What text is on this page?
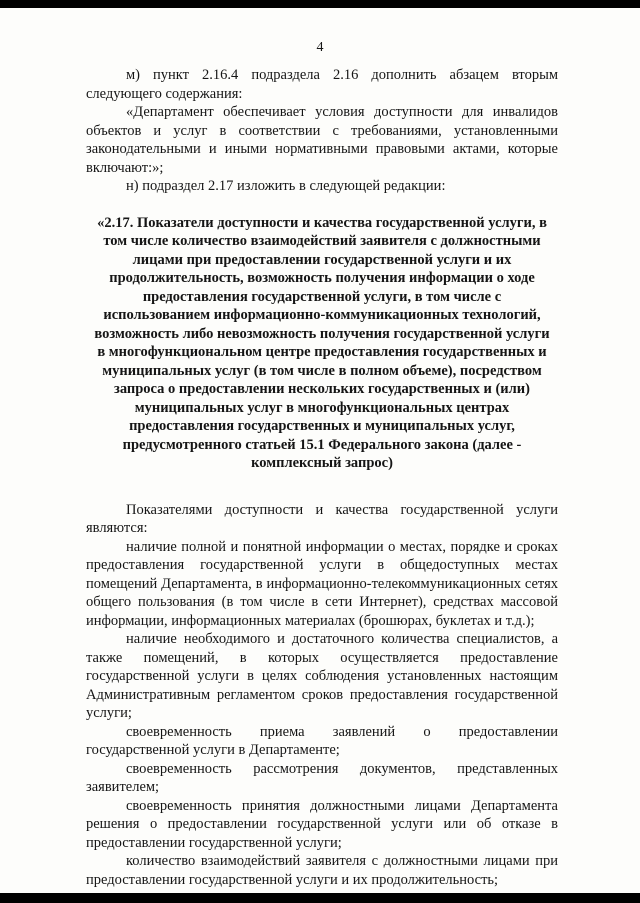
4

м) пункт 2.16.4 подраздела 2.16 дополнить абзацем вторым следующего содержания:

«Департамент обеспечивает условия доступности для инвалидов объектов и услуг в соответствии с требованиями, установленными законодательными и иными нормативными правовыми актами, которые включают:»;

н) подраздел 2.17 изложить в следующей редакции:

«2.17. Показатели доступности и качества государственной услуги, в том числе количество взаимодействий заявителя с должностными лицами при предоставлении государственной услуги и их продолжительность, возможность получения информации о ходе предоставления государственной услуги, в том числе с использованием информационно-коммуникационных технологий, возможность либо невозможность получения государственной услуги в многофункциональном центре предоставления государственных и муниципальных услуг (в том числе в полном объеме), посредством запроса о предоставлении нескольких государственных и (или) муниципальных услуг в многофункциональных центрах предоставления государственных и муниципальных услуг, предусмотренного статьей 15.1 Федерального закона (далее - комплексный запрос)

Показателями доступности и качества государственной услуги являются:

наличие полной и понятной информации о местах, порядке и сроках предоставления государственной услуги в общедоступных местах помещений Департамента, в информационно-телекоммуникационных сетях общего пользования (в том числе в сети Интернет), средствах массовой информации, информационных материалах (брошюрах, буклетах и т.д.);

наличие необходимого и достаточного количества специалистов, а также помещений, в которых осуществляется предоставление государственной услуги в целях соблюдения установленных настоящим Административным регламентом сроков предоставления государственной услуги;

своевременность приема заявлений о предоставлении государственной услуги в Департаменте;

своевременность рассмотрения документов, представленных заявителем;

своевременность принятия должностными лицами Департамента решения о предоставлении государственной услуги или об отказе в предоставлении государственной услуги;

количество взаимодействий заявителя с должностными лицами при предоставлении государственной услуги и их продолжительность;
